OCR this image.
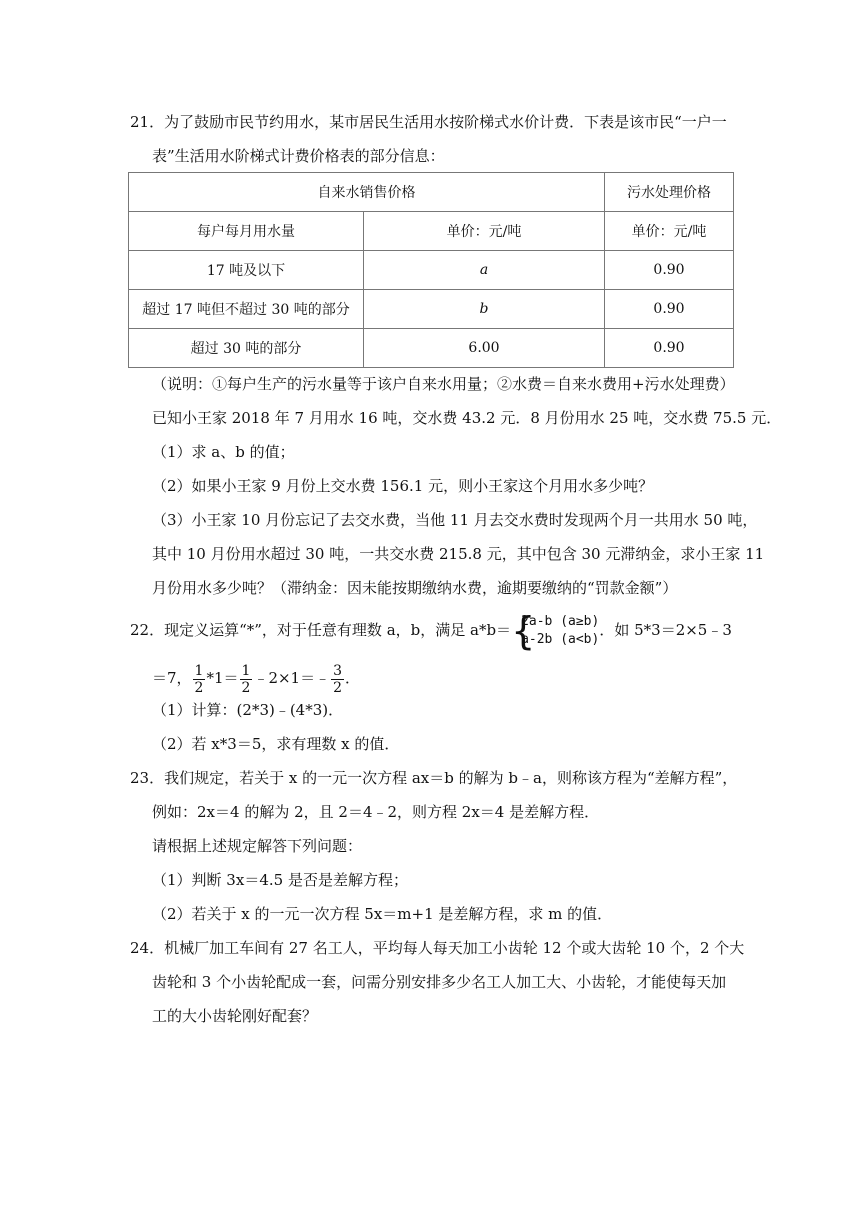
21．为了鼓励市民节约用水，某市居民生活用水按阶梯式水价计费．下表是该市民“一户一
表”生活用水阶梯式计费价格表的部分信息：
自来水销售价格		污水处理价格
每户每月用水量	单价：元/吨	单价：元/吨
17 吨及以下	a	0.90
超过 17 吨但不超过 30 吨的部分	b	0.90
超过 30 吨的部分	6.00	0.90
（说明：①每户生产的污水量等于该户自来水用量；②水费＝自来水费用+污水处理费）
已知小王家 2018 年 7 月用水 16 吨，交水费 43.2 元．8 月份用水 25 吨，交水费 75.5 元．
（1）求 a、b 的值；
（2）如果小王家 9 月份上交水费 156.1 元，则小王家这个月用水多少吨？
（3）小王家 10 月份忘记了去交水费，当他 11 月去交水费时发现两个月一共用水 50 吨，
其中 10 月份用水超过 30 吨，一共交水费 215.8 元，其中包含 30 元滞纳金，求小王家 11
月份用水多少吨？（滞纳金：因未能按期缴纳水费，逾期要缴纳的“罚款金额”）
22．现定义运算“*”，对于任意有理数 a，b，满足 a*b＝ {
2a-b (a≥b)
a-2b (a<b)
．如 5*3＝2×5﹣3
＝7， $\frac{1}{2} *1= \frac{1}{2}$ ﹣2×1＝﹣ $\frac{3}{2}$ ．
（1）计算：(2*3)﹣(4*3)．
（2）若 x*3＝5，求有理数 x 的值．
23．我们规定，若关于 x 的一元一次方程 ax＝b 的解为 b﹣a，则称该方程为“差解方程”，
例如：2x＝4 的解为 2，且 2＝4﹣2，则方程 2x＝4 是差解方程．
请根据上述规定解答下列问题：
（1）判断 3x＝4.5 是否是差解方程；
（2）若关于 x 的一元一次方程 5x＝m+1 是差解方程，求 m 的值．
24．机械厂加工车间有 27 名工人，平均每人每天加工小齿轮 12 个或大齿轮 10 个，2 个大
齿轮和 3 个小齿轮配成一套，问需分别安排多少名工人加工大、小齿轮，才能使每天加
工的大小齿轮刚好配套？
